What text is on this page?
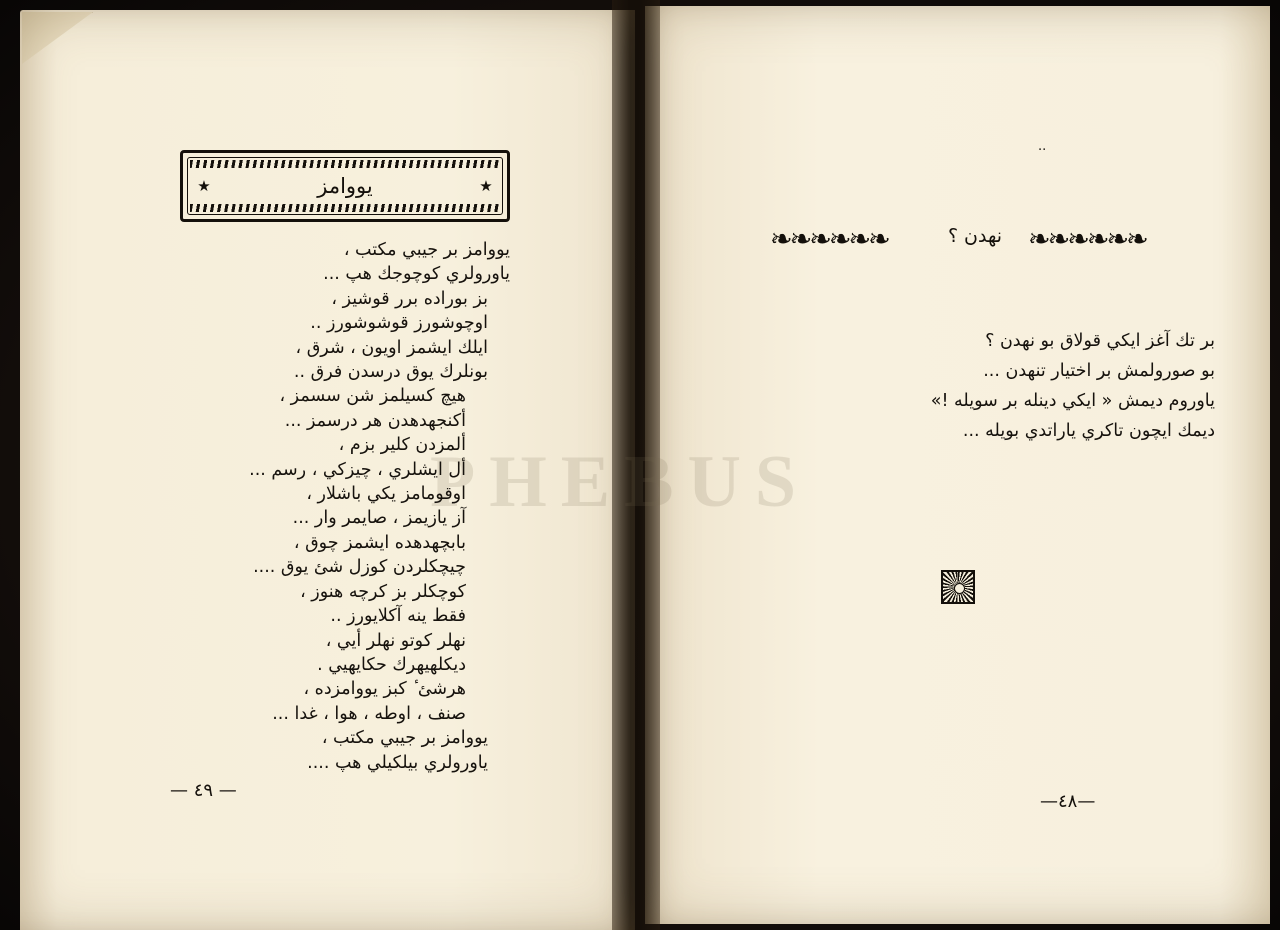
PHEBUS
★	★
يووامز
يووامز بر جيبي مكتب ،
ياورولري كوچوجك هپ ...
بز بوراده برر قوشيز ،
اوچوشورز قوشوشورز ..
ايلك ايشمز اويون ، شرق ،
بونلرك يوق درسدن فرق ..
هيچ كسيلمز شن سسمز ،
أكنجهدهدن هر درسمز ...
ألمزدن كلير بزم ،
أل ايشلري ، چيزكي ، رسم ...
اوقومامز يكي باشلار ،
آز يازيمز ، صايمر وار ...
بابچهدهده ايشمز چوق ،
چيچكلردن كوزل شئ يوق ....
كوچكلر بز كرچه هنوز ،
فقط ينه آكلايورز ..
نهلر كوتو نهلر أيي ،
ديكلهيهرك حكايهيي .
هرشئ ٔ كبز يووامزده ،
صنف ، اوطه ، هوا ، غدا ...
يووامز بر جيبي مكتب ،
ياورولري بيلكيلي هپ ....
— ٤٩ —
··
❧❧❧❧❧❧	❧❧❧❧❧❧
نهدن ؟
بر تك آغز ايكي قولاق بو نهدن ؟
بو صورولمش بر اختيار تنهدن ...
ياوروم ديمش « ايكي دينله بر سويله !»
ديمك ايچون تاكري ياراتدي بويله ...
—٤٨—
